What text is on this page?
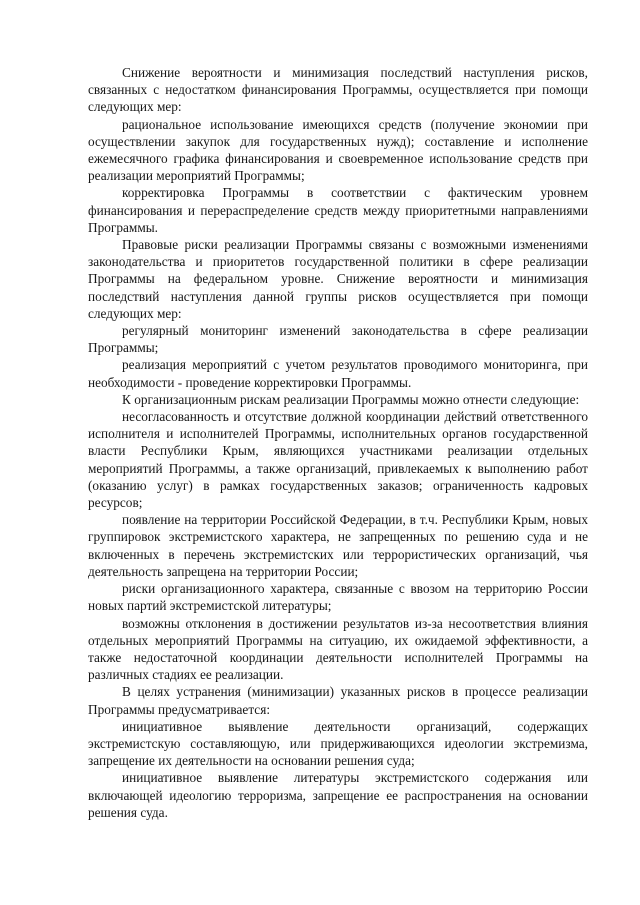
Снижение вероятности и минимизация последствий наступления рисков, связанных с недостатком финансирования Программы, осуществляется при помощи следующих мер:

рациональное использование имеющихся средств (получение экономии при осуществлении закупок для государственных нужд); составление и исполнение ежемесячного графика финансирования и своевременное использование средств при реализации мероприятий Программы;

корректировка Программы в соответствии с фактическим уровнем финансирования и перераспределение средств между приоритетными направлениями Программы.

Правовые риски реализации Программы связаны с возможными изменениями законодательства и приоритетов государственной политики в сфере реализации Программы на федеральном уровне. Снижение вероятности и минимизация последствий наступления данной группы рисков осуществляется при помощи следующих мер:

регулярный мониторинг изменений законодательства в сфере реализации Программы;

реализация мероприятий с учетом результатов проводимого мониторинга, при необходимости - проведение корректировки Программы.

К организационным рискам реализации Программы можно отнести следующие:

несогласованность и отсутствие должной координации действий ответственного исполнителя и исполнителей Программы, исполнительных органов государственной власти Республики Крым, являющихся участниками реализации отдельных мероприятий Программы, а также организаций, привлекаемых к выполнению работ (оказанию услуг) в рамках государственных заказов; ограниченность кадровых ресурсов;

появление на территории Российской Федерации, в т.ч. Республики Крым, новых группировок экстремистского характера, не запрещенных по решению суда и не включенных в перечень экстремистских или террористических организаций, чья деятельность запрещена на территории России;

риски организационного характера, связанные с ввозом на территорию России новых партий экстремистской литературы;

возможны отклонения в достижении результатов из-за несоответствия влияния отдельных мероприятий Программы на ситуацию, их ожидаемой эффективности, а также недостаточной координации деятельности исполнителей Программы на различных стадиях ее реализации.

В целях устранения (минимизации) указанных рисков в процессе реализации Программы предусматривается:

инициативное выявление деятельности организаций, содержащих экстремистскую составляющую, или придерживающихся идеологии экстремизма, запрещение их деятельности на основании решения суда;

инициативное выявление литературы экстремистского содержания или включающей идеологию терроризма, запрещение ее распространения на основании решения суда.
